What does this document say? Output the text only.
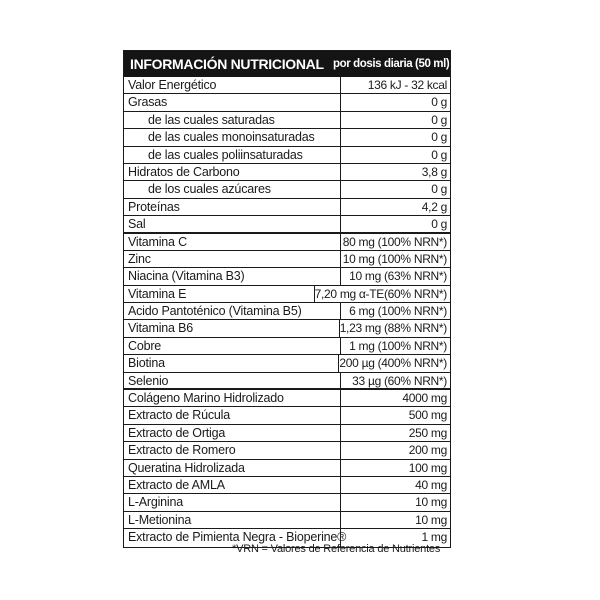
INFORMACIÓN NUTRICIONAL por dosis diaria (50 ml)
Valor Energético	136 kJ - 32 kcal
Grasas	0 g
de las cuales saturadas	0 g
de las cuales monoinsaturadas	0 g
de las cuales poliinsaturadas	0 g
Hidratos de Carbono	3,8 g
de los cuales azúcares	0 g
Proteínas	4,2 g
Sal	0 g
Vitamina C	80 mg (100% NRN*)
Zinc	10 mg (100% NRN*)
Niacina (Vitamina B3)	10 mg (63% NRN*)
Vitamina E	7,20 mg α-TE(60% NRN*)
Acido Pantoténico (Vitamina B5)	6 mg (100% NRN*)
Vitamina B6	1,23 mg (88% NRN*)
Cobre	1 mg (100% NRN*)
Biotina	200 µg (400% NRN*)
Selenio	33 µg (60% NRN*)
Colágeno Marino Hidrolizado	4000 mg
Extracto de Rúcula	500 mg
Extracto de Ortiga	250 mg
Extracto de Romero	200 mg
Queratina Hidrolizada	100 mg
Extracto de AMLA	40 mg
L-Arginina	10 mg
L-Metionina	10 mg
Extracto de Pimienta Negra - Bioperine®	1 mg
*VRN = Valores de Referencia de Nutrientes
